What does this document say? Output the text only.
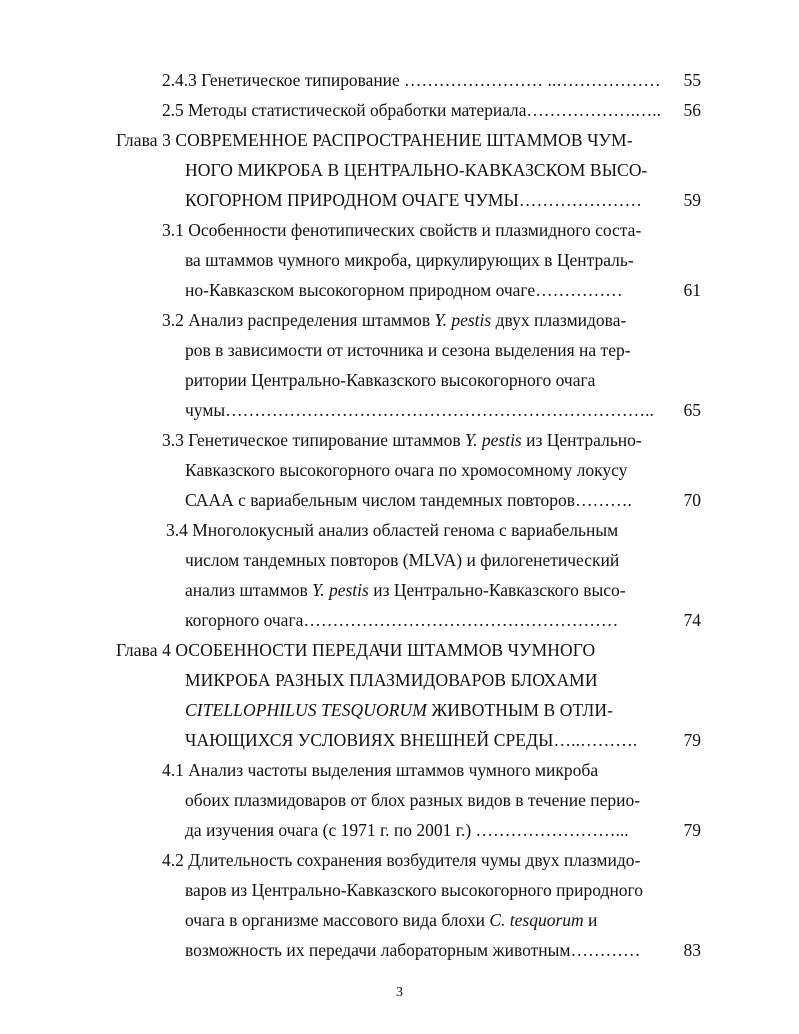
2.4.3 Генетическое типирование …………………… ..……………… 55
2.5 Методы статистической обработки материала……………….….. 56
Глава 3 СОВРЕМЕННОЕ РАСПРОСТРАНЕНИЕ ШТАММОВ ЧУМ-
НОГО МИКРОБА В ЦЕНТРАЛЬНО-КАВКАЗСКОМ ВЫСО-
КОГОРНОМ ПРИРОДНОМ ОЧАГЕ ЧУМЫ………………… 59
3.1 Особенности фенотипических свойств и плазмидного соста-
ва штаммов чумного микроба, циркулирующих в Централь-
но-Кавказском высокогорном природном очаге……………	61
3.2 Анализ распределения штаммов Y. pestis двух плазмидова-
ров в зависимости от источника и сезона выделения на тер-
ритории Центрально-Кавказского высокогорного очага
чумы……………………………………………………………….. 65
3.3 Генетическое типирование штаммов Y. pestis из Центрально-
Кавказского высокогорного очага по хромосомному локусу
СААА с вариабельным числом тандемных повторов……….	70
3.4 Многолокусный анализ областей генома с вариабельным
числом тандемных повторов (MLVA) и филогенетический
анализ штаммов Y. pestis из Центрально-Кавказского высо-
когорного очага………………………………………………	74
Глава 4 ОСОБЕННОСТИ ПЕРЕДАЧИ ШТАММОВ ЧУМНОГО
МИКРОБА РАЗНЫХ ПЛАЗМИДОВАРОВ БЛОХАМИ
CITELLOPHILUS TESQUORUM ЖИВОТНЫМ В ОТЛИ-
ЧАЮЩИХСЯ УСЛОВИЯХ ВНЕШНЕЙ СРЕДЫ…..……….	79
4.1 Анализ частоты выделения штаммов чумного микроба
обоих плазмидоваров от блох разных видов в течение перио-
да изучения очага (с 1971 г. по 2001 г.) ……………………...	79
4.2 Длительность сохранения возбудителя чумы двух плазмидо-
варов из Центрально-Кавказского высокогорного природного
очага в организме массового вида блохи C. tesquorum и
возможность их передачи лабораторным животным………… 83
3
